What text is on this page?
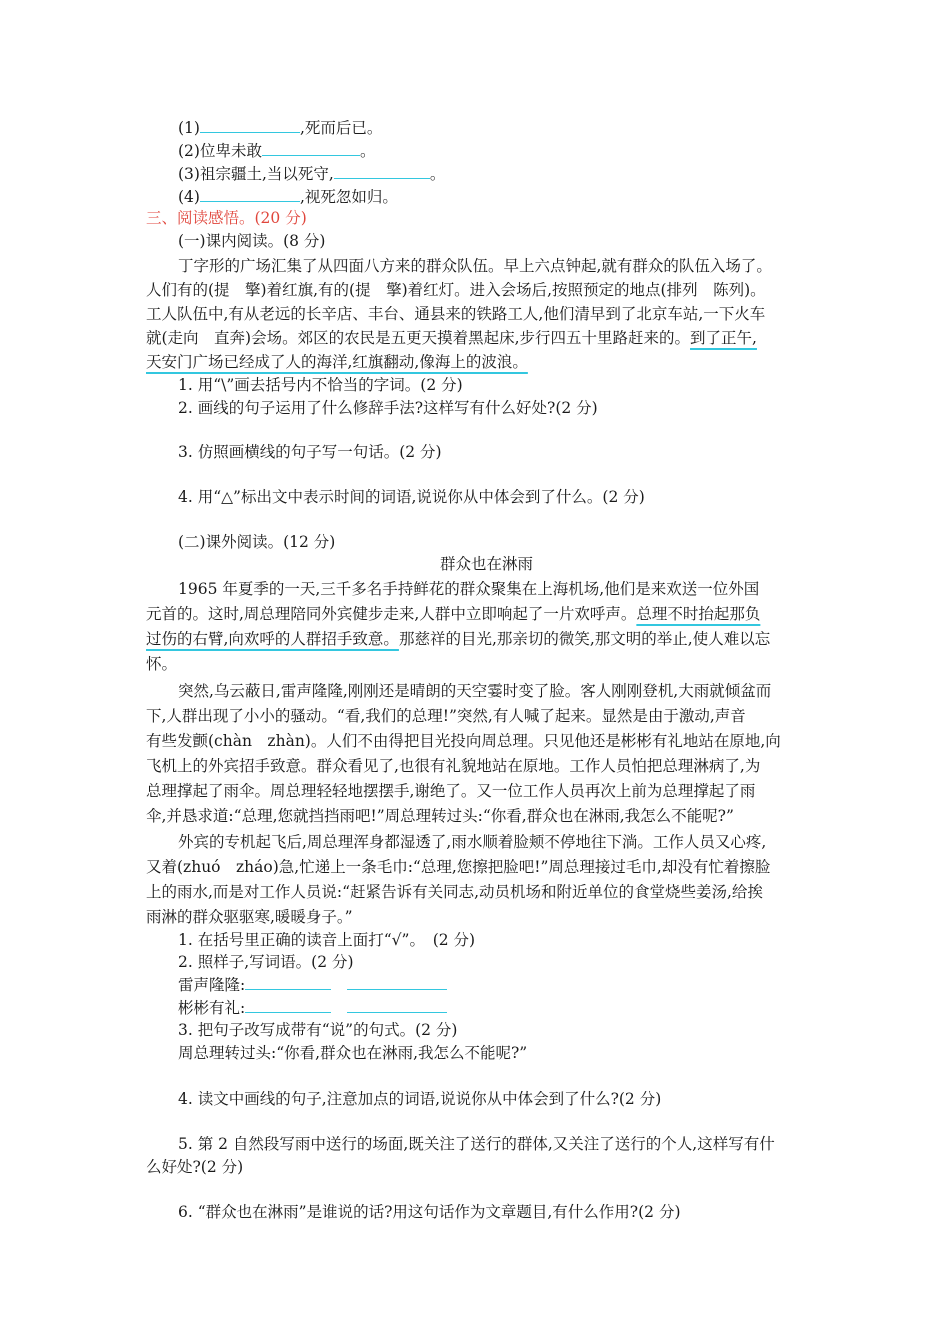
(1)	,死而后已。
(2)位卑未敢	。
(3)祖宗疆土,当以死守,	。
(4)	,视死忽如归。
三、阅读感悟。(20 分)
(一)课内阅读。(8 分)
丁字形的广场汇集了从四面八方来的群众队伍。早上六点钟起,就有群众的队伍入场了。
人们有的(提　擎)着红旗,有的(提　擎)着红灯。进入会场后,按照预定的地点(排列　陈列)。
工人队伍中,有从老远的长辛店、丰台、通县来的铁路工人,他们清早到了北京车站,一下火车
就(走向　直奔)会场。郊区的农民是五更天摸着黑起床,步行四五十里路赶来的。到了正午,
天安门广场已经成了人的海洋,红旗翻动,像海上的波浪。
1. 用“\”画去括号内不恰当的字词。(2 分)
2. 画线的句子运用了什么修辞手法?这样写有什么好处?(2 分)
3. 仿照画横线的句子写一句话。(2 分)
4. 用“△”标出文中表示时间的词语,说说你从中体会到了什么。(2 分)
(二)课外阅读。(12 分)
群众也在淋雨
1965 年夏季的一天,三千多名手持鲜花的群众聚集在上海机场,他们是来欢送一位外国
元首的。这时,周总理陪同外宾健步走来,人群中立即响起了一片欢呼声。总理不时抬起那负
过伤的右臂,向欢呼的人群招手致意。那慈祥的目光,那亲切的微笑,那文明的举止,使人难以忘
怀。
突然,乌云蔽日,雷声隆隆,刚刚还是晴朗的天空霎时变了脸。客人刚刚登机,大雨就倾盆而
下,人群出现了小小的骚动。“看,我们的总理!”突然,有人喊了起来。显然是由于激动,声音
有些发颤(chàn　zhàn)。人们不由得把目光投向周总理。只见他还是彬彬有礼地站在原地,向
飞机上的外宾招手致意。群众看见了,也很有礼貌地站在原地。工作人员怕把总理淋病了,为
总理撑起了雨伞。周总理轻轻地摆摆手,谢绝了。又一位工作人员再次上前为总理撑起了雨
伞,并恳求道:“总理,您就挡挡雨吧!”周总理转过头:“你看,群众也在淋雨,我怎么不能呢?”
外宾的专机起飞后,周总理浑身都湿透了,雨水顺着脸颊不停地往下淌。工作人员又心疼,
又着(zhuó　zháo)急,忙递上一条毛巾:“总理,您擦把脸吧!”周总理接过毛巾,却没有忙着擦脸
上的雨水,而是对工作人员说:“赶紧告诉有关同志,动员机场和附近单位的食堂烧些姜汤,给挨
雨淋的群众驱驱寒,暖暖身子。”
1. 在括号里正确的读音上面打“√”。　(2 分)
2. 照样子,写词语。(2 分)
雷声隆隆:
彬彬有礼:
3. 把句子改写成带有“说”的句式。(2 分)
周总理转过头:“你看,群众也在淋雨,我怎么不能呢?”
4. 读文中画线的句子,注意加点的词语,说说你从中体会到了什么?(2 分)
5. 第 2 自然段写雨中送行的场面,既关注了送行的群体,又关注了送行的个人,这样写有什
么好处?(2 分)
6. “群众也在淋雨”是谁说的话?用这句话作为文章题目,有什么作用?(2 分)
